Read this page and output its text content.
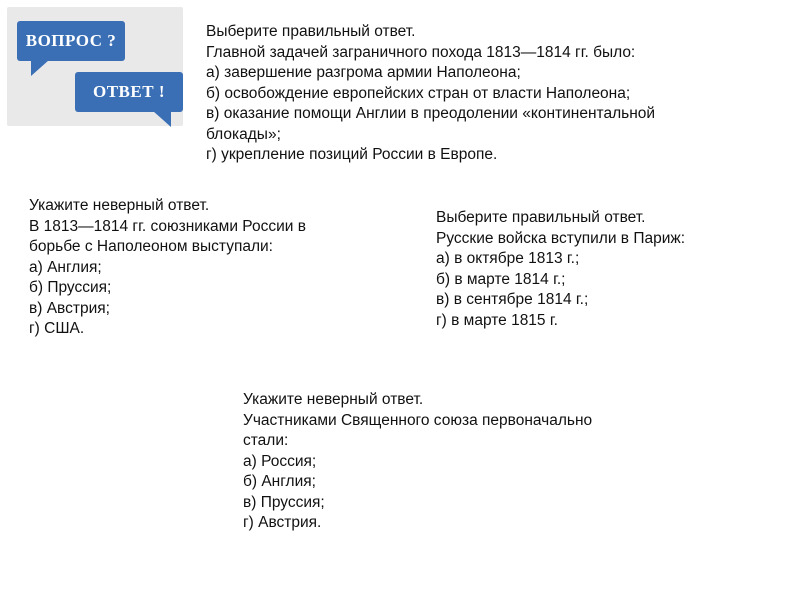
ВОПРОС ?
ОТВЕТ !
Выберите правильный ответ.
Главной задачей заграничного похода 1813—1814 гг. было:
а) завершение разгрома армии Наполеона;
б) освобождение европейских стран от власти Наполеона;
в) оказание помощи Англии в преодолении «континентальной
блокады»;
г) укрепление позиций России в Европе.
Укажите неверный ответ.
В 1813—1814 гг. союзниками России в
борьбе с Наполеоном выступали:
а) Англия;
б) Пруссия;
в) Австрия;
г) США.
Выберите правильный ответ.
Русские войска вступили в Париж:
а) в октябре 1813 г.;
б) в марте 1814 г.;
в) в сентябре 1814 г.;
г) в марте 1815 г.
Укажите неверный ответ.
Участниками Священного союза первоначально
стали:
а) Россия;
б) Англия;
в) Пруссия;
г) Австрия.
